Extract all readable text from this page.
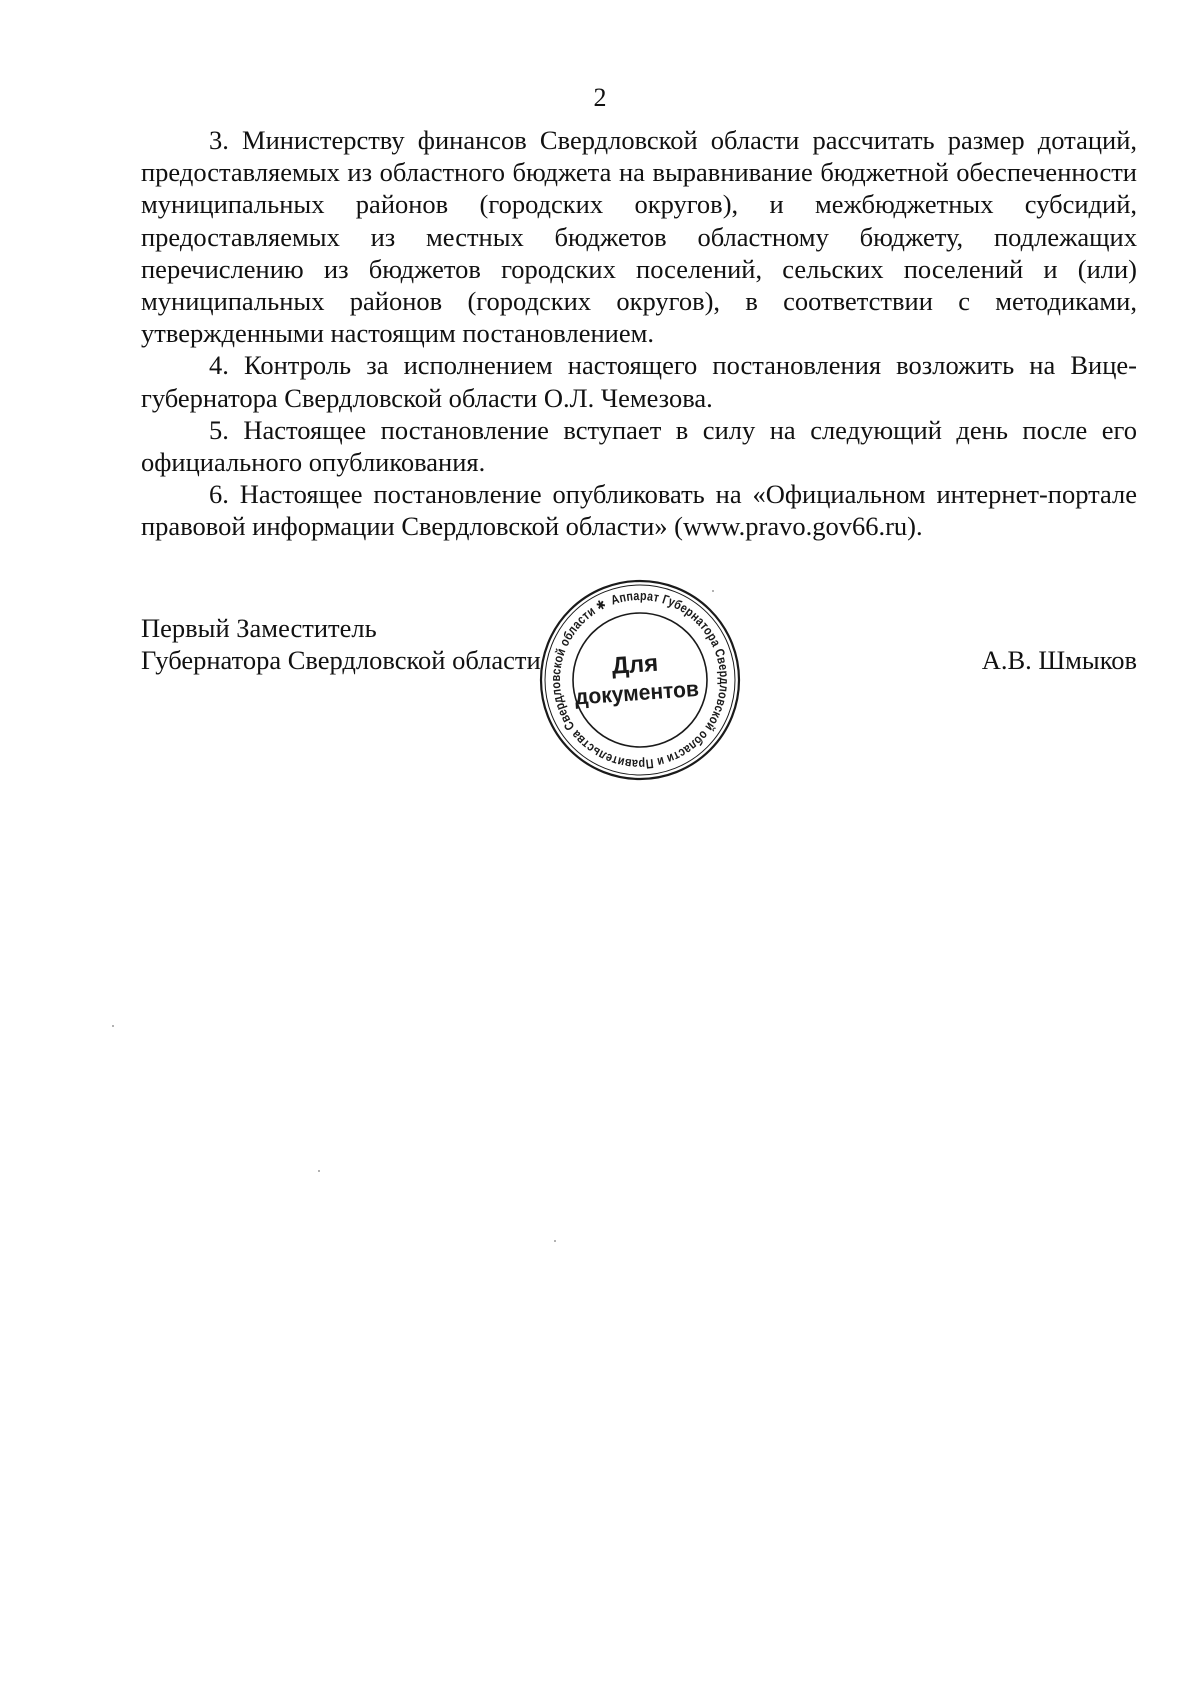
2

3. Министерству финансов Свердловской области рассчитать размер дотаций, предоставляемых из областного бюджета на выравнивание бюджетной обеспеченности муниципальных районов (городских округов), и межбюджетных субсидий, предоставляемых из местных бюджетов областному бюджету, подлежащих перечислению из бюджетов городских поселений, сельских поселений и (или) муниципальных районов (городских округов), в соответствии с методиками, утвержденными настоящим постановлением.

4. Контроль за исполнением настоящего постановления возложить на Вице-губернатора Свердловской области О.Л. Чемезова.

5. Настоящее постановление вступает в силу на следующий день после его официального опубликования.

6. Настоящее постановление опубликовать на «Официальном интернет-портале правовой информации Свердловской области» (www.pravo.gov66.ru).

Первый Заместитель
Губернатора Свердловской области	А.В. Шмыков
Аппарат Губернатора Свердловской области и Правительства Свердловской области ✱
Для
документов
